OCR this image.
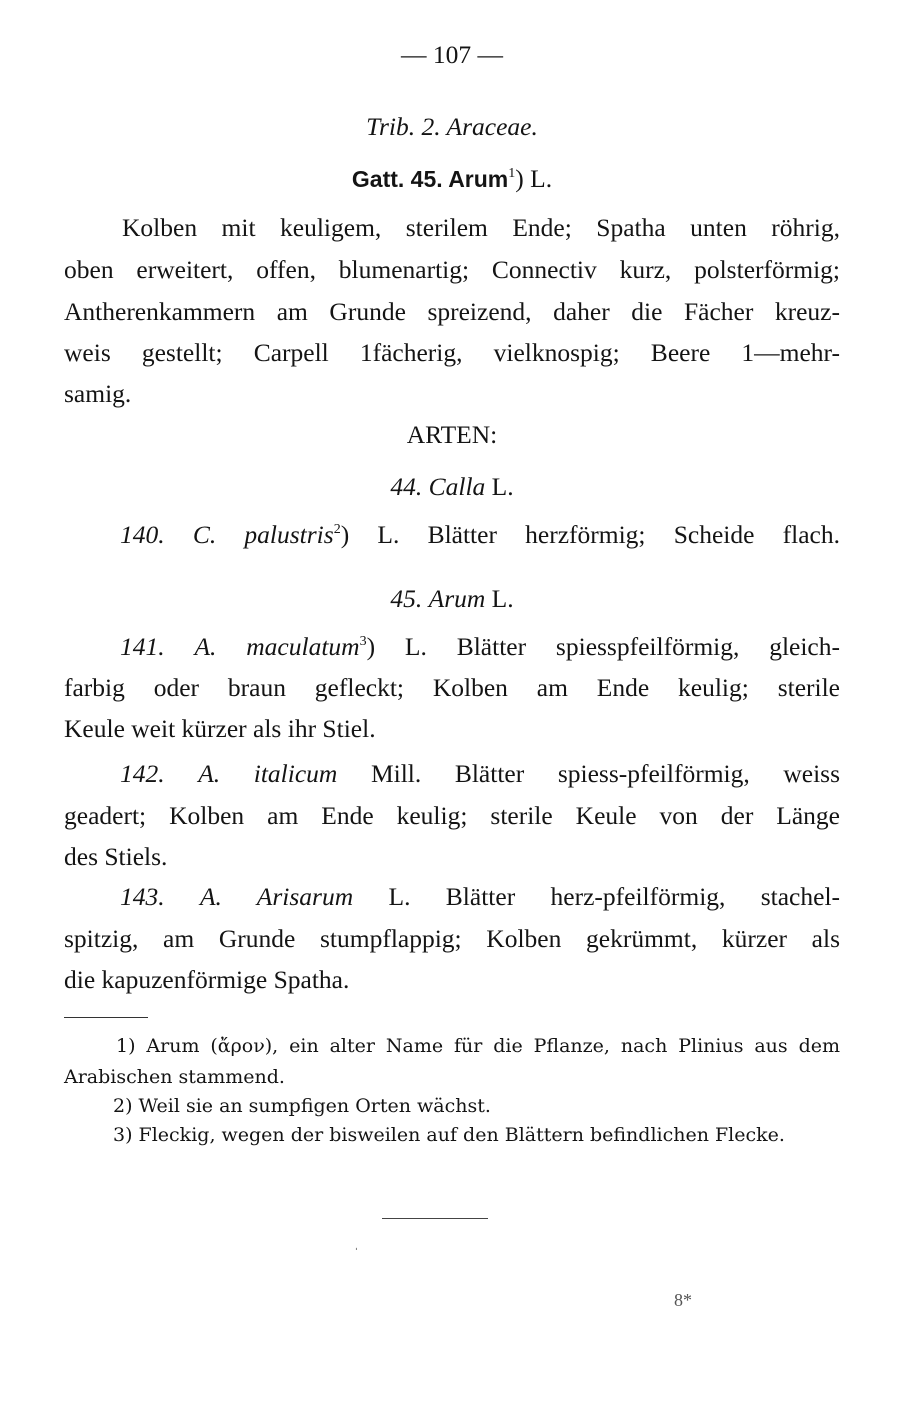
— 107 —
Trib. 2. Araceae.
Gatt. 45. Arum$^1$) L.
Kolben mit keuligem, sterilem Ende; Spatha unten röhrig,
oben erweitert, offen, blumenartig; Connectiv kurz, polsterförmig;
Antherenkammern am Grunde spreizend, daher die Fächer kreuz-
weis gestellt; Carpell 1fächerig, vielknospig; Beere 1—mehr-
samig.
ARTEN:
44. Calla L.
140. C. palustris$^2$) L. Blätter herzförmig; Scheide flach.
45. Arum L.
141. A. maculatum$^3$) L. Blätter spiesspfeilförmig, gleich-
farbig oder braun gefleckt; Kolben am Ende keulig; sterile
Keule weit kürzer als ihr Stiel.
142. A. italicum Mill. Blätter spiess-pfeilförmig, weiss
geadert; Kolben am Ende keulig; sterile Keule von der Länge
des Stiels.
143. A. Arisarum L. Blätter herz-pfeilförmig, stachel-
spitzig, am Grunde stumpflappig; Kolben gekrümmt, kürzer als
die kapuzenförmige Spatha.
1) Arum (ἄρον), ein alter Name für die Pflanze, nach Plinius aus dem
Arabischen stammend.
2) Weil sie an sumpfigen Orten wächst.
3) Fleckig, wegen der bisweilen auf den Blättern befindlichen Flecke.
ˌ
8*
